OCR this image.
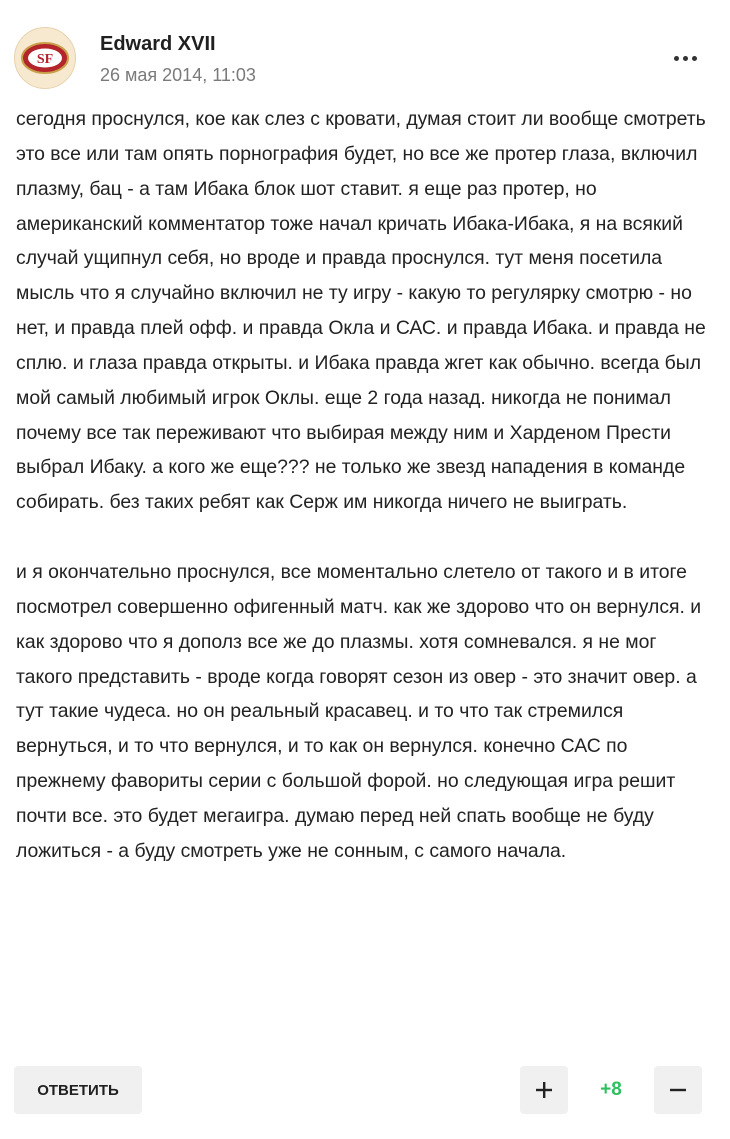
SF
Edward XVII
26 мая 2014, 11:03

сегодня проснулся, кое как слез с кровати, думая стоит ли вообще смотреть это все или там опять порнография будет, но все же протер глаза, включил плазму, бац - а там Ибака блок шот ставит. я еще раз протер, но американский комментатор тоже начал кричать Ибака-Ибака, я на всякий случай ущипнул себя, но вроде и правда проснулся. тут меня посетила мысль что я случайно включил не ту игру - какую то регулярку смотрю - но нет, и правда плей офф. и правда Окла и САС. и правда Ибака. и правда не сплю. и глаза правда открыты. и Ибака правда жгет как обычно. всегда был мой самый любимый игрок Оклы. еще 2 года назад. никогда не понимал почему все так переживают что выбирая между ним и Харденом Прести выбрал Ибаку. а кого же еще??? не только же звезд нападения в команде собирать. без таких ребят как Серж им никогда ничего не выиграть.

и я окончательно проснулся, все моментально слетело от такого и в итоге посмотрел совершенно офигенный матч. как же здорово что он вернулся. и как здорово что я дополз все же до плазмы. хотя сомневался. я не мог такого представить - вроде когда говорят сезон из овер - это значит овер. а тут такие чудеса. но он реальный красавец. и то что так стремился вернуться, и то что вернулся, и то как он вернулся. конечно САС по прежнему фавориты серии с большой форой. но следующая игра решит почти все. это будет мегаигра. думаю перед ней спать вообще не буду ложиться - а буду смотреть уже не сонным, с самого начала.

ОТВЕТИТЬ	+8
